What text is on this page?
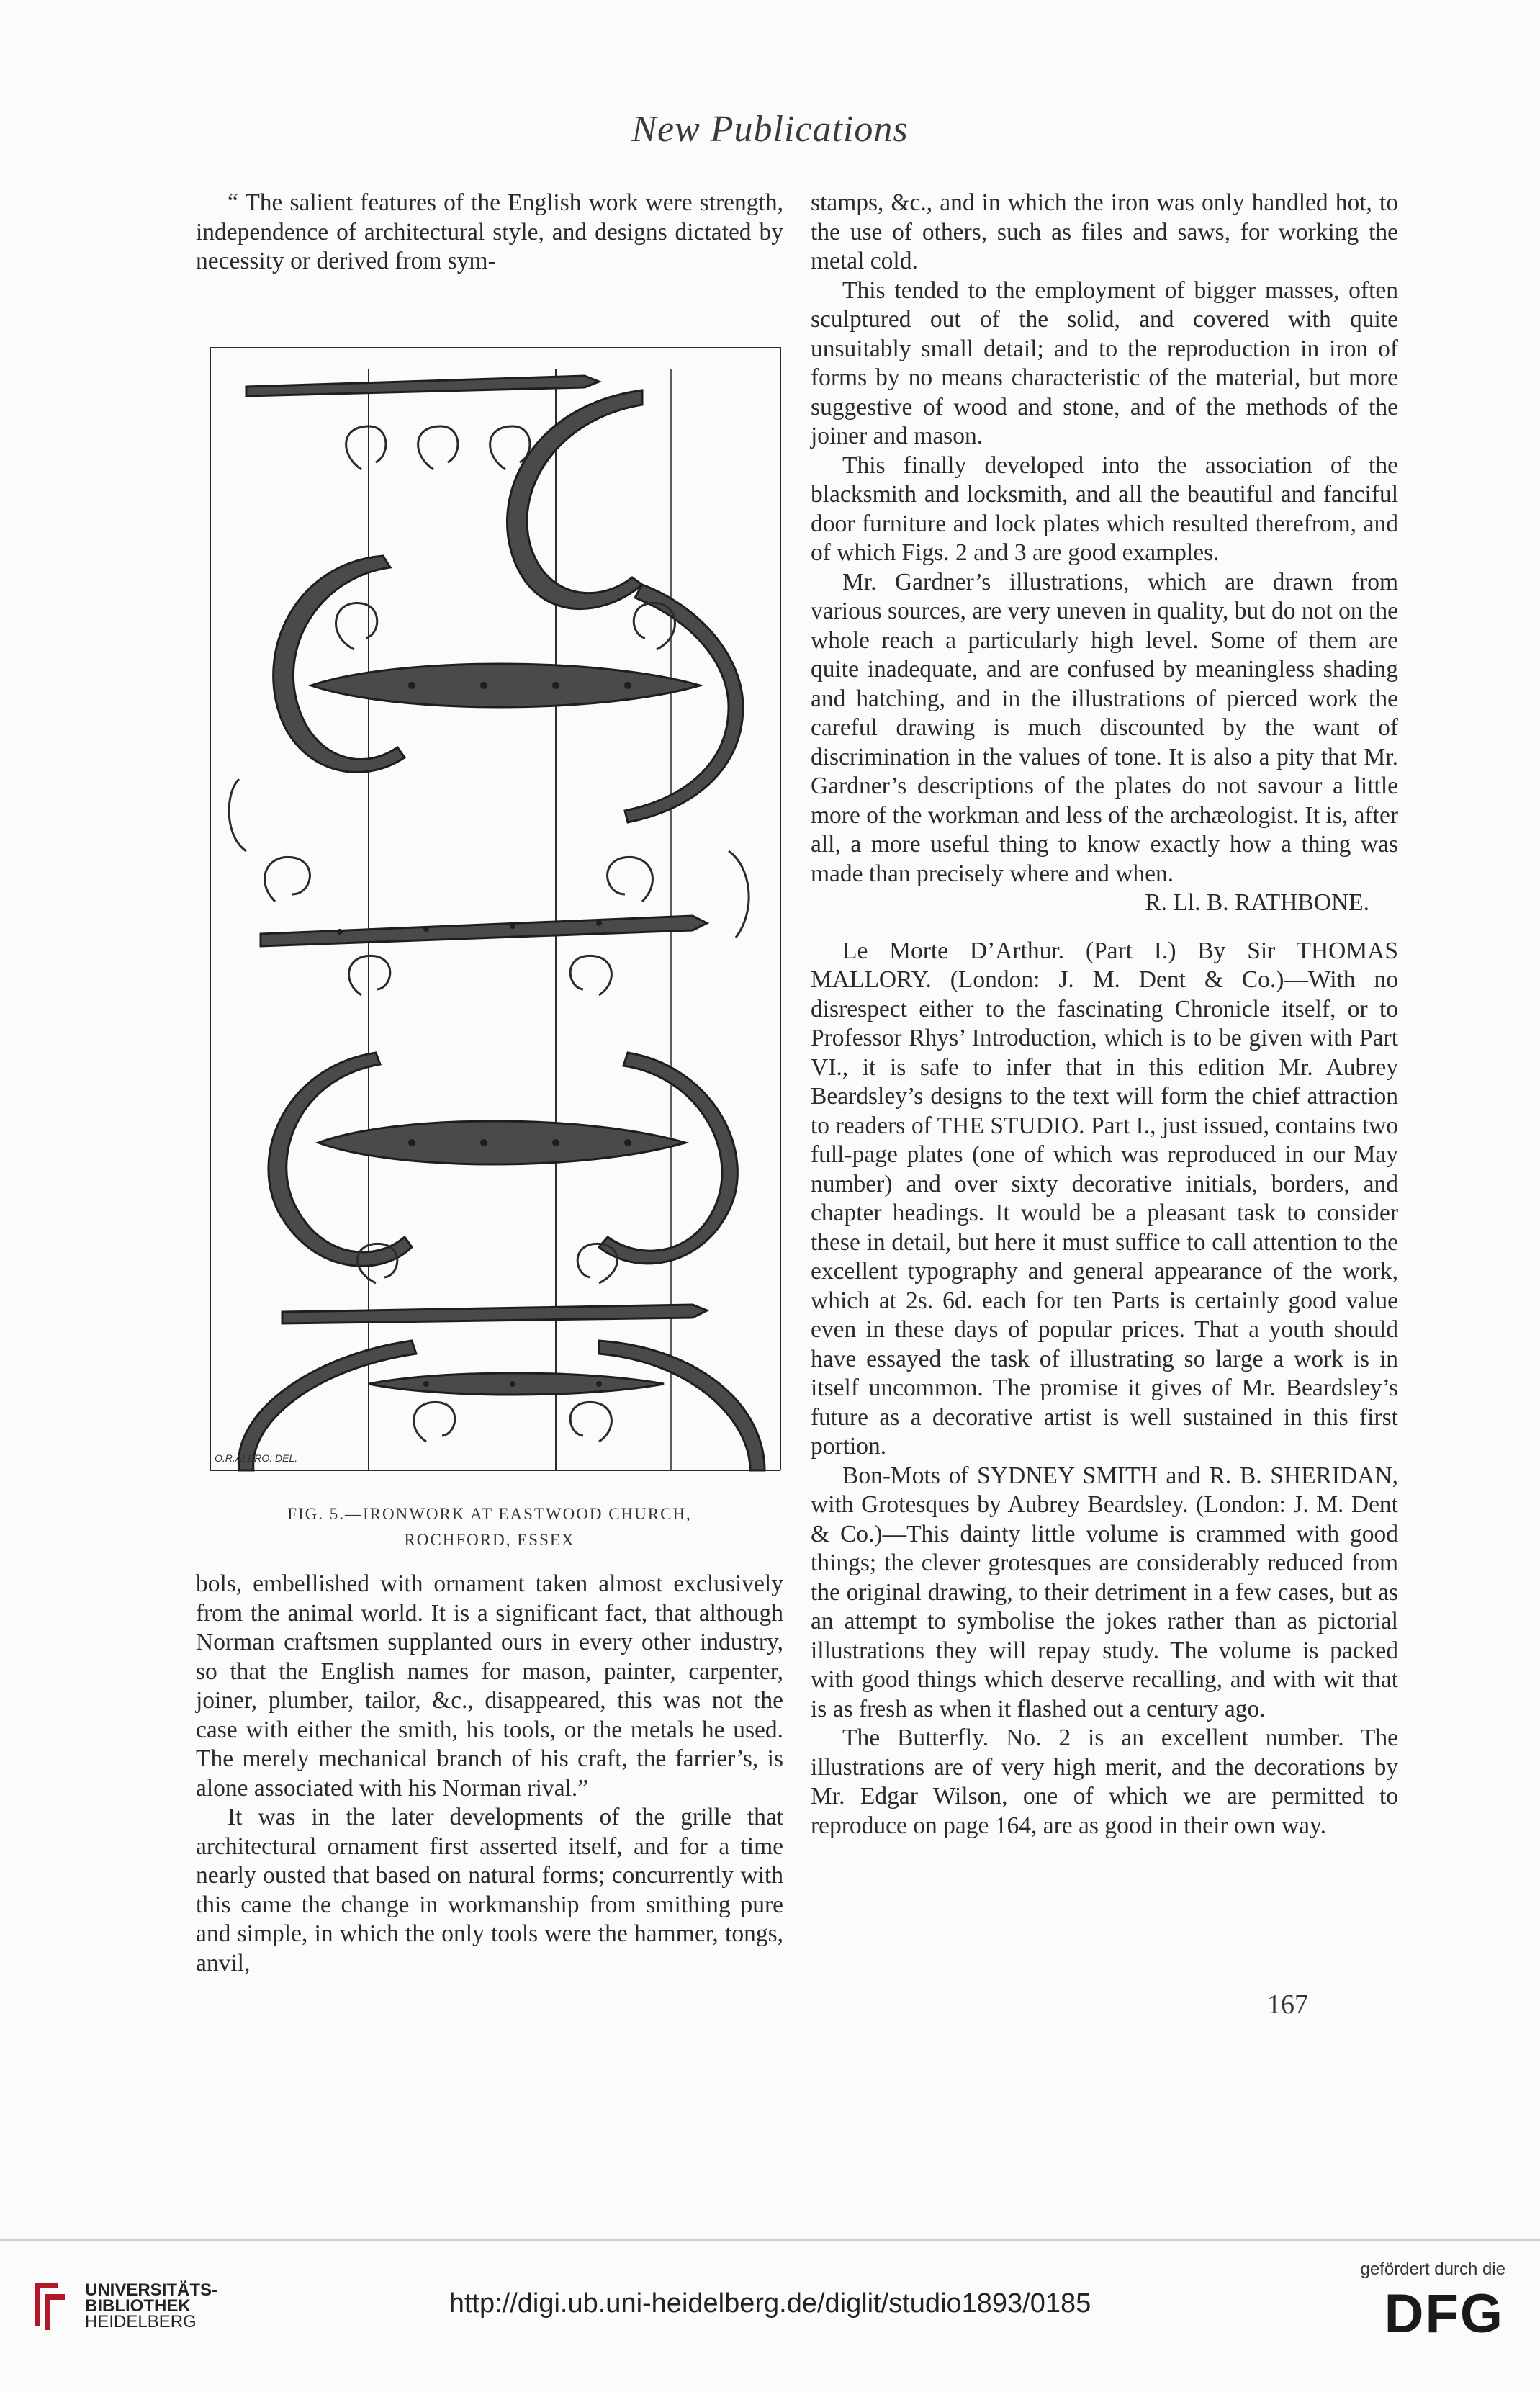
New Publications

“ The salient features of the English work were strength, independence of architectural style, and designs dictated by necessity or derived from sym-

O.R.ALBRO: DEL.
FIG. 5.—IRONWORK AT EASTWOOD CHURCH,
ROCHFORD, ESSEX

bols, embellished with ornament taken almost exclusively from the animal world. It is a significant fact, that although Norman craftsmen supplanted ours in every other industry, so that the English names for mason, painter, carpenter, joiner, plumber, tailor, &c., disappeared, this was not the case with either the smith, his tools, or the metals he used. The merely mechanical branch of his craft, the farrier’s, is alone associated with his Norman rival.”

It was in the later developments of the grille that architectural ornament first asserted itself, and for a time nearly ousted that based on natural forms; concurrently with this came the change in workmanship from smithing pure and simple, in which the only tools were the hammer, tongs, anvil,

stamps, &c., and in which the iron was only handled hot, to the use of others, such as files and saws, for working the metal cold.

This tended to the employment of bigger masses, often sculptured out of the solid, and covered with quite unsuitably small detail; and to the reproduction in iron of forms by no means characteristic of the material, but more suggestive of wood and stone, and of the methods of the joiner and mason.

This finally developed into the association of the blacksmith and locksmith, and all the beautiful and fanciful door furniture and lock plates which resulted therefrom, and of which Figs. 2 and 3 are good examples.

Mr. Gardner’s illustrations, which are drawn from various sources, are very uneven in quality, but do not on the whole reach a particularly high level. Some of them are quite inadequate, and are confused by meaningless shading and hatching, and in the illustrations of pierced work the careful drawing is much discounted by the want of discrimination in the values of tone. It is also a pity that Mr. Gardner’s descriptions of the plates do not savour a little more of the workman and less of the archæologist. It is, after all, a more useful thing to know exactly how a thing was made than precisely where and when.

R. Ll. B. RATHBONE.

Le Morte D’Arthur. (Part I.) By Sir THOMAS MALLORY. (London: J. M. Dent & Co.)—With no disrespect either to the fascinating Chronicle itself, or to Professor Rhys’ Introduction, which is to be given with Part VI., it is safe to infer that in this edition Mr. Aubrey Beardsley’s designs to the text will form the chief attraction to readers of THE STUDIO. Part I., just issued, contains two full-page plates (one of which was reproduced in our May number) and over sixty decorative initials, borders, and chapter headings. It would be a pleasant task to consider these in detail, but here it must suffice to call attention to the excellent typography and general appearance of the work, which at 2s. 6d. each for ten Parts is certainly good value even in these days of popular prices. That a youth should have essayed the task of illustrating so large a work is in itself uncommon. The promise it gives of Mr. Beardsley’s future as a decorative artist is well sustained in this first portion.

Bon-Mots of SYDNEY SMITH and R. B. SHERIDAN, with Grotesques by Aubrey Beardsley. (London: J. M. Dent & Co.)—This dainty little volume is crammed with good things; the clever grotesques are considerably reduced from the original drawing, to their detriment in a few cases, but as an attempt to symbolise the jokes rather than as pictorial illustrations they will repay study. The volume is packed with good things which deserve recalling, and with wit that is as fresh as when it flashed out a century ago.

The Butterfly. No. 2 is an excellent number. The illustrations are of very high merit, and the decorations by Mr. Edgar Wilson, one of which we are permitted to reproduce on page 164, are as good in their own way.

167
UNIVERSITÄTS-
BIBLIOTHEK
HEIDELBERG
http://digi.ub.uni-heidelberg.de/diglit/studio1893/0185
gefördert durch die
DFG
